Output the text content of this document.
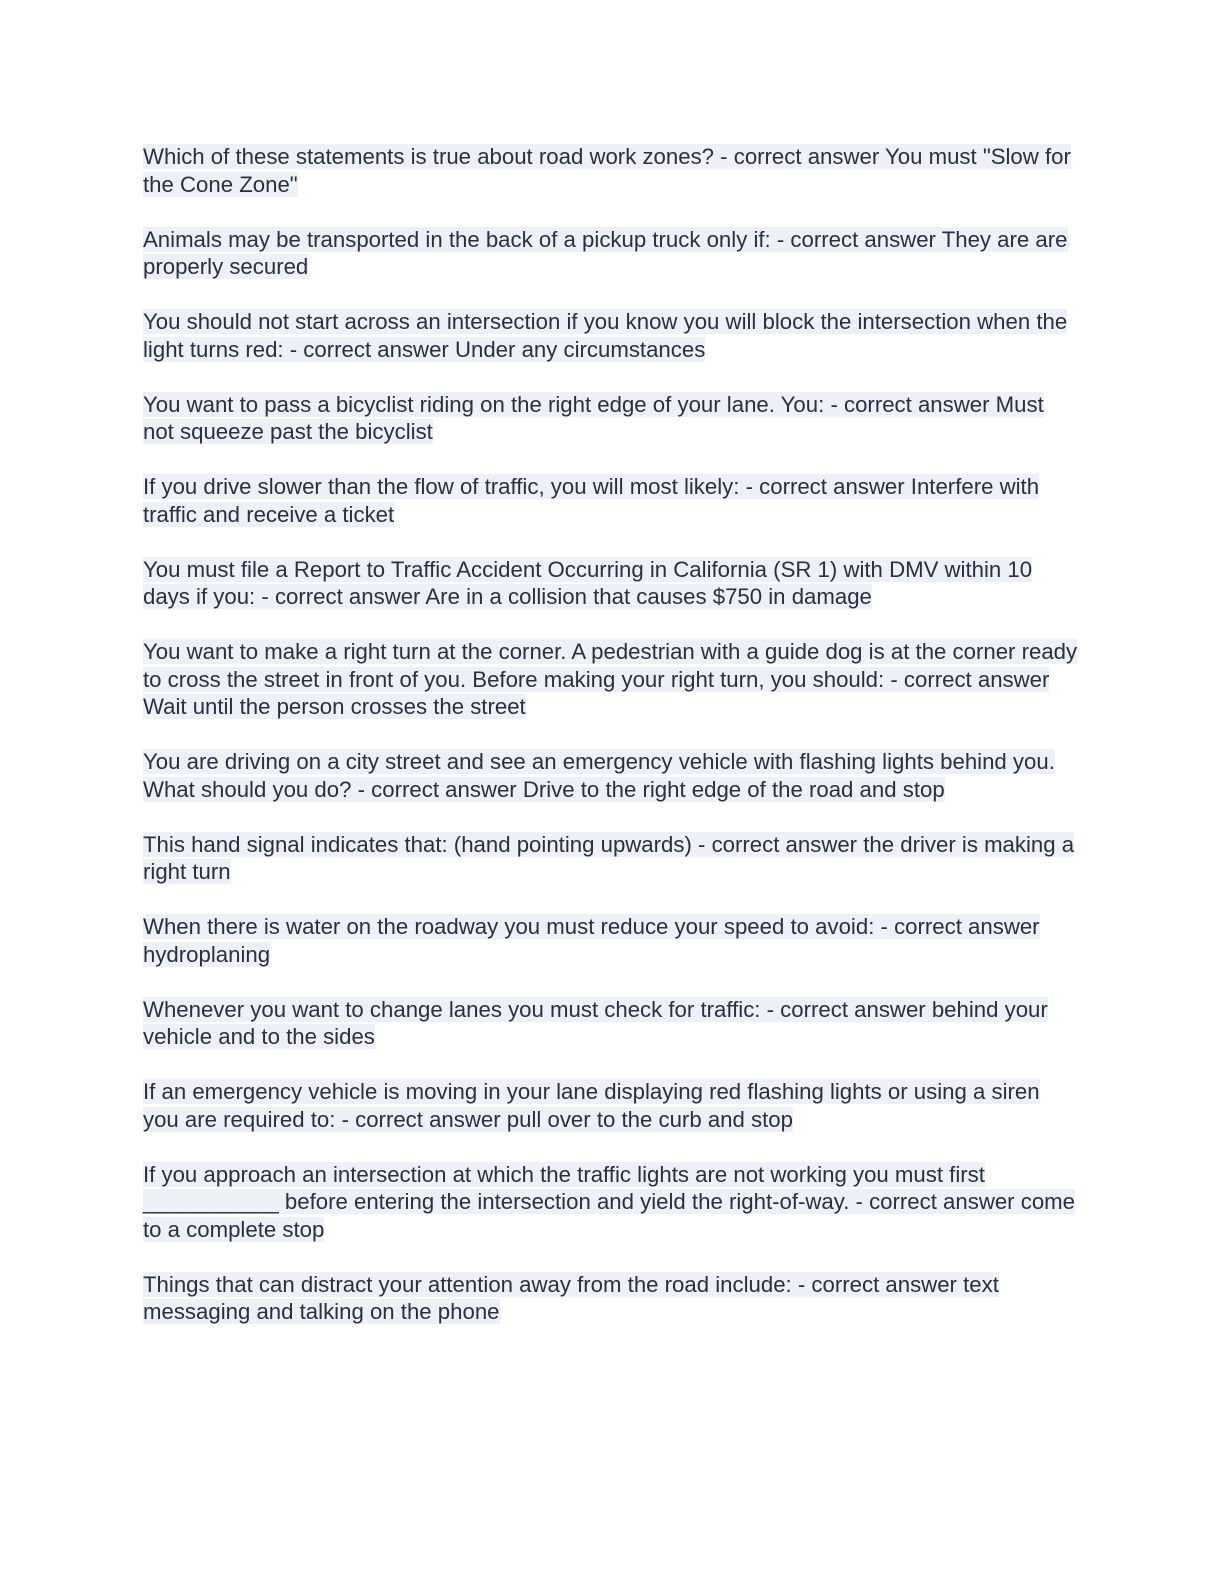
Which of these statements is true about road work zones? - correct answer You must "Slow for the Cone Zone"

Animals may be transported in the back of a pickup truck only if: - correct answer They are are properly secured

You should not start across an intersection if you know you will block the intersection when the light turns red: - correct answer Under any circumstances

You want to pass a bicyclist riding on the right edge of your lane. You: - correct answer Must not squeeze past the bicyclist

If you drive slower than the flow of traffic, you will most likely: - correct answer Interfere with traffic and receive a ticket

You must file a Report to Traffic Accident Occurring in California (SR 1) with DMV within 10 days if you: - correct answer Are in a collision that causes $750 in damage

You want to make a right turn at the corner. A pedestrian with a guide dog is at the corner ready to cross the street in front of you. Before making your right turn, you should: - correct answer Wait until the person crosses the street

You are driving on a city street and see an emergency vehicle with flashing lights behind you. What should you do? - correct answer Drive to the right edge of the road and stop

This hand signal indicates that: (hand pointing upwards) - correct answer the driver is making a right turn

When there is water on the roadway you must reduce your speed to avoid: - correct answer hydroplaning

Whenever you want to change lanes you must check for traffic: - correct answer behind your vehicle and to the sides

If an emergency vehicle is moving in your lane displaying red flashing lights or using a siren you are required to: - correct answer pull over to the curb and stop

If you approach an intersection at which the traffic lights are not working you must first ___________ before entering the intersection and yield the right-of-way. - correct answer come to a complete stop

Things that can distract your attention away from the road include: - correct answer text messaging and talking on the phone
